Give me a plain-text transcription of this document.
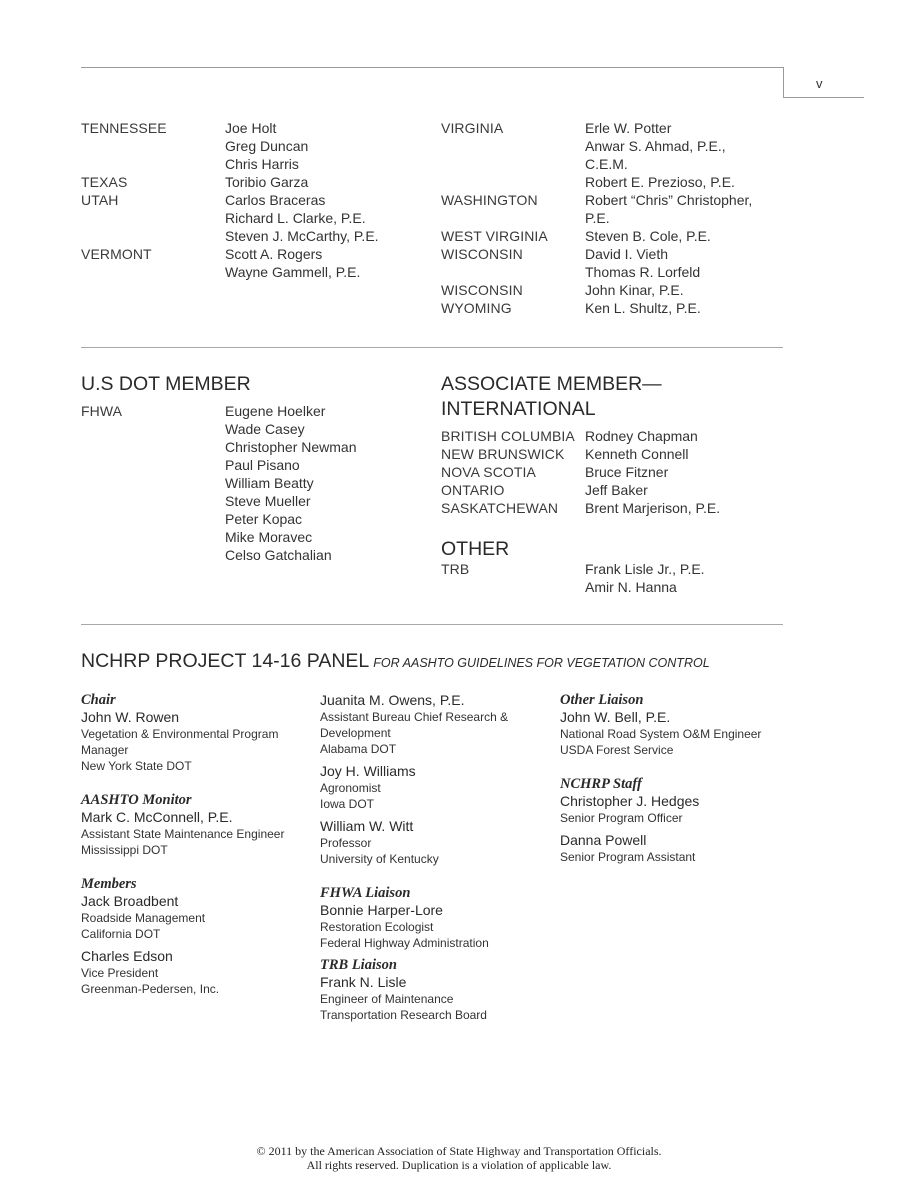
v
TENNESSEE
TEXAS
UTAH
VERMONT
Joe Holt
Greg Duncan
Chris Harris
Toribio Garza
Carlos Braceras
Richard L. Clarke, P.E.
Steven J. McCarthy, P.E.
Scott A. Rogers
Wayne Gammell, P.E.
VIRGINIA
WASHINGTON
WEST VIRGINIA
WISCONSIN
WISCONSIN
WYOMING
Erle W. Potter
Anwar S. Ahmad, P.E.,
C.E.M.
Robert E. Prezioso, P.E.
Robert “Chris” Christopher,
P.E.
Steven B. Cole, P.E.
David I. Vieth
Thomas R. Lorfeld
John Kinar, P.E.
Ken L. Shultz, P.E.
U.S DOT MEMBER
FHWA	Eugene Hoelker
Wade Casey
Christopher Newman
Paul Pisano
William Beatty
Steve Mueller
Peter Kopac
Mike Moravec
Celso Gatchalian
ASSOCIATE MEMBER—
INTERNATIONAL
BRITISH COLUMBIA
NEW BRUNSWICK
NOVA SCOTIA
ONTARIO
SASKATCHEWAN
Rodney Chapman
Kenneth Connell
Bruce Fitzner
Jeff Baker
Brent Marjerison, P.E.
OTHER
TRB	Frank Lisle Jr., P.E.
Amir N. Hanna
NCHRP PROJECT 14-16 PANEL FOR AASHTO GUIDELINES FOR VEGETATION CONTROL
Chair
John W. Rowen
Vegetation & Environmental Program
Manager
New York State DOT
AASHTO Monitor
Mark C. McConnell, P.E.
Assistant State Maintenance Engineer
Mississippi DOT
Members
Jack Broadbent
Roadside Management
California DOT
Charles Edson
Vice President
Greenman-Pedersen, Inc.
Juanita M. Owens, P.E.
Assistant Bureau Chief Research &
Development
Alabama DOT
Joy H. Williams
Agronomist
Iowa DOT
William W. Witt
Professor
University of Kentucky
FHWA Liaison
Bonnie Harper-Lore
Restoration Ecologist
Federal Highway Administration
TRB Liaison
Frank N. Lisle
Engineer of Maintenance
Transportation Research Board
Other Liaison
John W. Bell, P.E.
National Road System O&M Engineer
USDA Forest Service
NCHRP Staff
Christopher J. Hedges
Senior Program Officer
Danna Powell
Senior Program Assistant
© 2011 by the American Association of State Highway and Transportation Officials.
All rights reserved. Duplication is a violation of applicable law.
